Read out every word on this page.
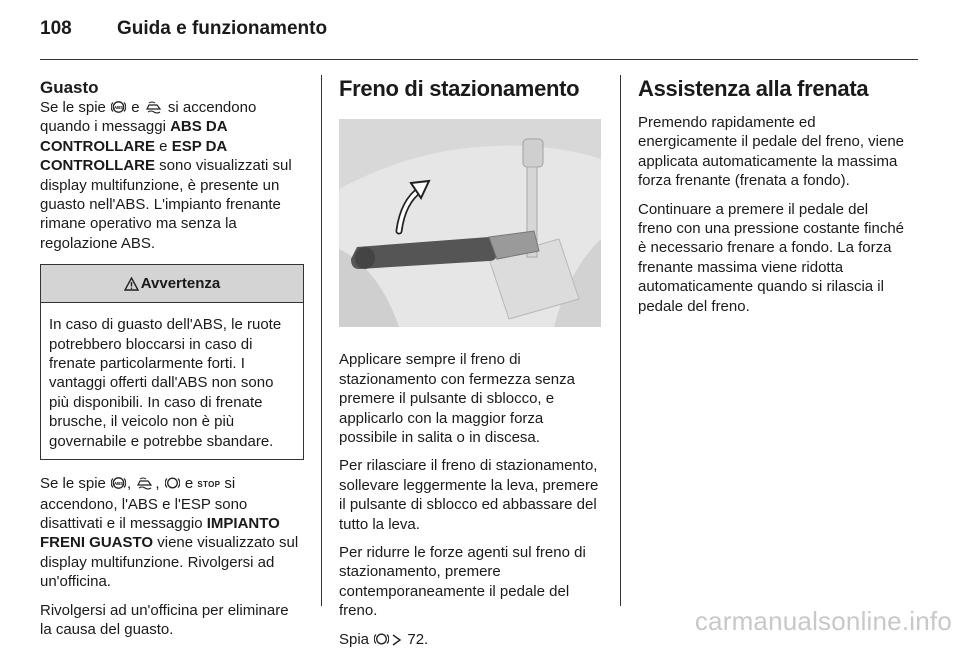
108 Guida e funzionamento
Guasto

Se le spie ABS e  si accendono quando i messaggi ABS DA CONTROLLARE e ESP DA CONTROLLARE sono visualizzati sul display multifunzione, è presente un guasto nell'ABS. L'impianto frenante rimane operativo ma senza la regolazione ABS.

Avvertenza

In caso di guasto dell'ABS, le ruote potrebbero bloccarsi in caso di frenate particolarmente forti. I vantaggi offerti dall'ABS non sono più disponibili. In caso di frenate brusche, il veicolo non è più governabile e potrebbe sbandare.

Se le spie ABS , ,  e STOP si accendono, l'ABS e l'ESP sono disattivati e il messaggio IMPIANTO FRENI GUASTO viene visualizzato sul display multifunzione. Rivolgersi ad un'officina.

Rivolgersi ad un'officina per eliminare la causa del guasto.

Freno di stazionamento

Applicare sempre il freno di stazionamento con fermezza senza premere il pulsante di sblocco, e applicarlo con la maggior forza possibile in salita o in discesa.

Per rilasciare il freno di stazionamento, sollevare leggermente la leva, premere il pulsante di sblocco ed abbassare del tutto la leva.

Per ridurre le forze agenti sul freno di stazionamento, premere contemporaneamente il pedale del freno.

Spia  72.

Assistenza alla frenata

Premendo rapidamente ed energicamente il pedale del freno, viene applicata automaticamente la massima forza frenante (frenata a fondo).

Continuare a premere il pedale del freno con una pressione costante finché è necessario frenare a fondo. La forza frenante massima viene ridotta automaticamente quando si rilascia il pedale del freno.

carmanualsonline.info
